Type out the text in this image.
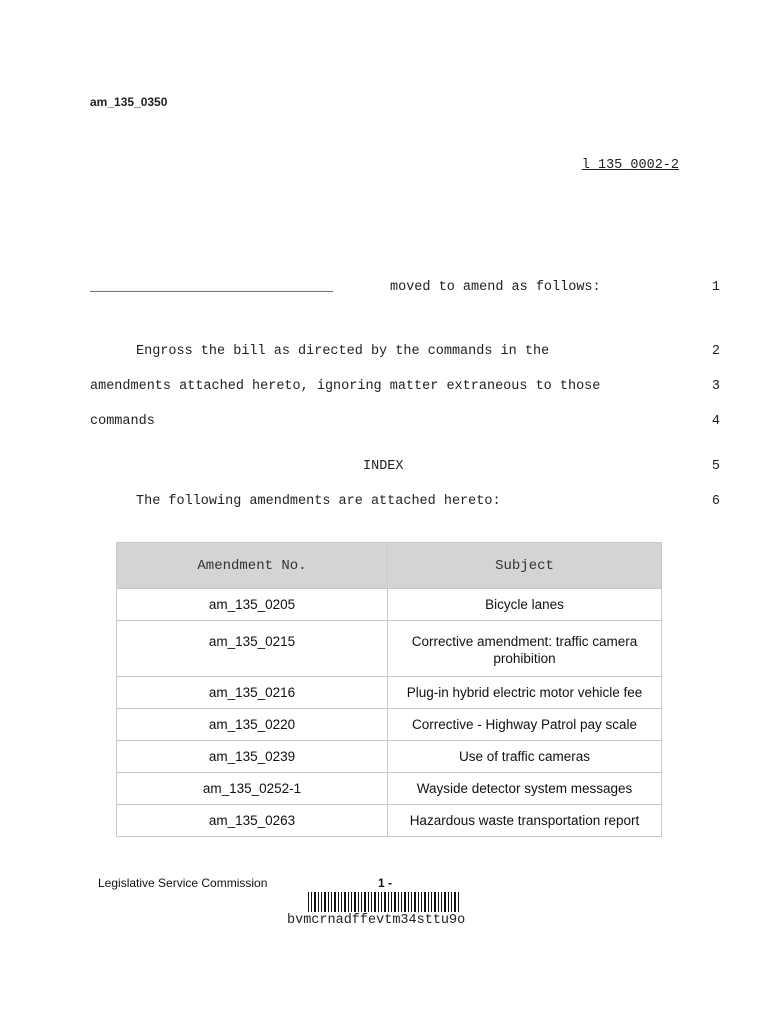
am_135_0350
l_135_0002-2
______________________________	moved to amend as follows:	1
Engross the bill as directed by the commands in the	2
amendments attached hereto, ignoring matter extraneous to those	3
commands	4
INDEX	5
The following amendments are attached hereto:	6
Amendment No.	Subject
am_135_0205	Bicycle lanes
am_135_0215	Corrective amendment: traffic camera prohibition
am_135_0216	Plug-in hybrid electric motor vehicle fee
am_135_0220	Corrective - Highway Patrol pay scale
am_135_0239	Use of traffic cameras
am_135_0252-1	Wayside detector system messages
am_135_0263	Hazardous waste transportation report
Legislative Service Commission	1 -
bvmcrnadffevtm34sttu9o
